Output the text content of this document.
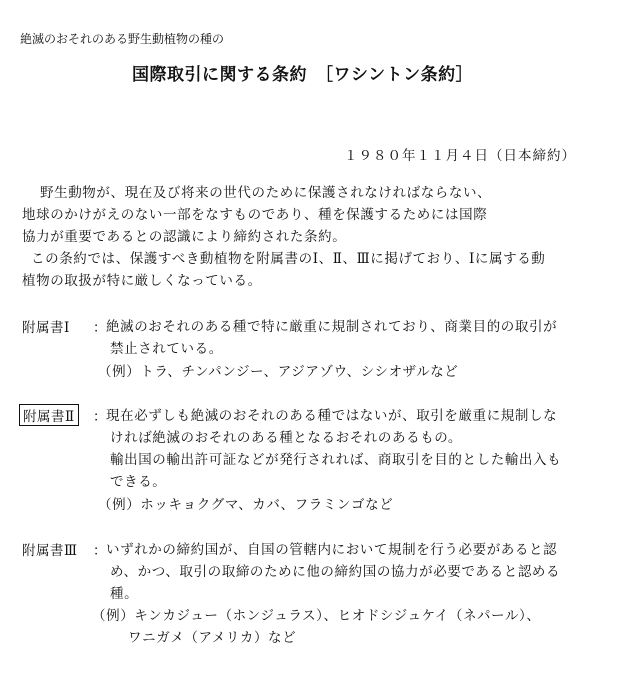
絶滅のおそれのある野生動植物の種の
国際取引に関する条約　［ワシントン条約］
１９８０年１１月４日（日本締約）
野生動物が、現在及び将来の世代のために保護されなければならない、
地球のかけがえのない一部をなすものであり、種を保護するためには国際
協力が重要であるとの認識により締約された条約。
この条約では、保護すべき動植物を附属書のⅠ、Ⅱ、Ⅲに掲げており、Ⅰに属する動
植物の取扱が特に厳しくなっている。
附属書Ⅰ ： 絶滅のおそれのある種で特に厳重に規制されており、商業目的の取引が
禁止されている。
（例）トラ、チンパンジー、アジアゾウ、シシオザルなど
附属書Ⅱ ： 現在必ずしも絶滅のおそれのある種ではないが、取引を厳重に規制しな
ければ絶滅のおそれのある種となるおそれのあるもの。
輸出国の輸出許可証などが発行されれば、商取引を目的とした輸出入も
できる。
（例）ホッキョクグマ、カバ、フラミンゴなど
附属書Ⅲ ： いずれかの締約国が、自国の管轄内において規制を行う必要があると認
め、かつ、取引の取締のために他の締約国の協力が必要であると認める
種。
（例）キンカジュー（ホンジュラス）、ヒオドシジュケイ（ネパール）、
ワニガメ（アメリカ）など
